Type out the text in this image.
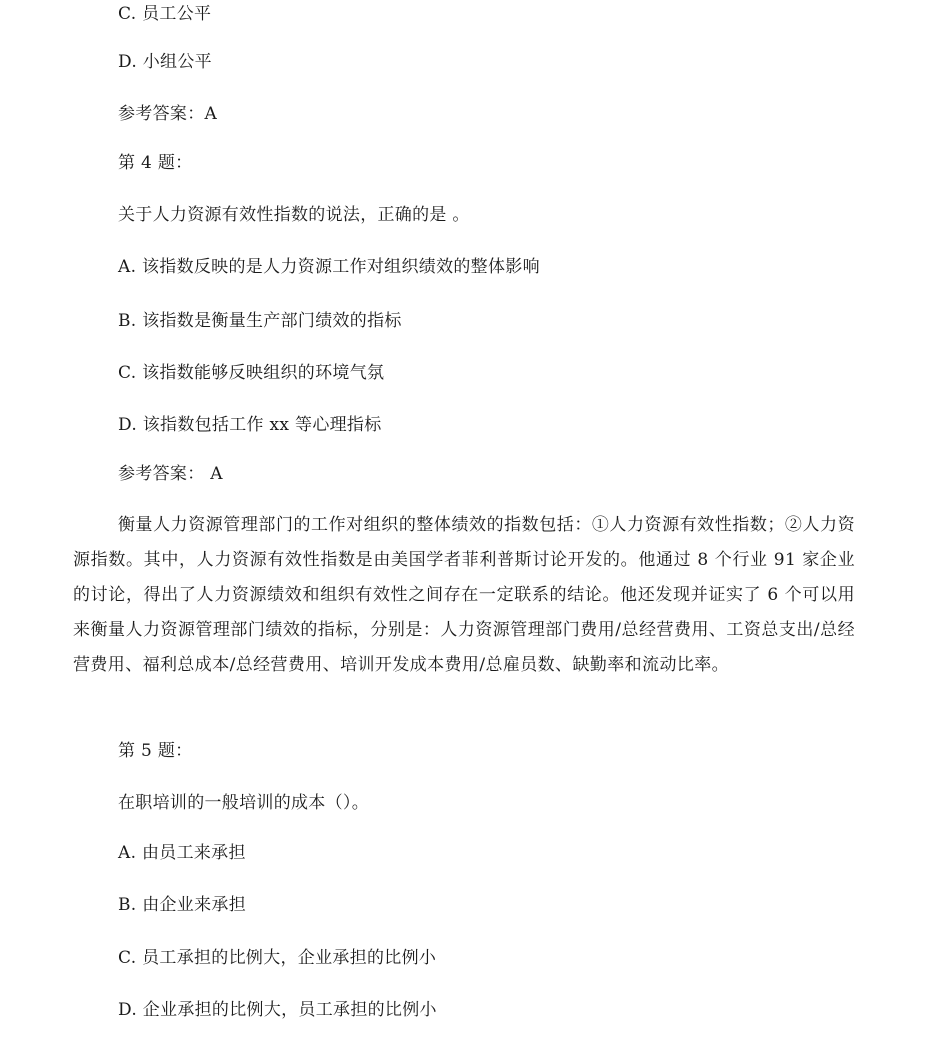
C. 员工公平
D. 小组公平
参考答案：A
第 4 题：
关于人力资源有效性指数的说法，正确的是 。
A. 该指数反映的是人力资源工作对组织绩效的整体影响
B. 该指数是衡量生产部门绩效的指标
C. 该指数能够反映组织的环境气氛
D. 该指数包括工作 xx 等心理指标
参考答案： A
衡量人力资源管理部门的工作对组织的整体绩效的指数包括：①人力资源有效性指数；②人力资源指数。其中，人力资源有效性指数是由美国学者菲利普斯讨论开发的。他通过 8 个行业 91 家企业的讨论，得出了人力资源绩效和组织有效性之间存在一定联系的结论。他还发现并证实了 6 个可以用来衡量人力资源管理部门绩效的指标，分别是：人力资源管理部门费用/总经营费用、工资总支出/总经营费用、福利总成本/总经营费用、培训开发成本费用/总雇员数、缺勤率和流动比率。
第 5 题：
在职培训的一般培训的成本（）。
A. 由员工来承担
B. 由企业来承担
C. 员工承担的比例大，企业承担的比例小
D. 企业承担的比例大，员工承担的比例小
